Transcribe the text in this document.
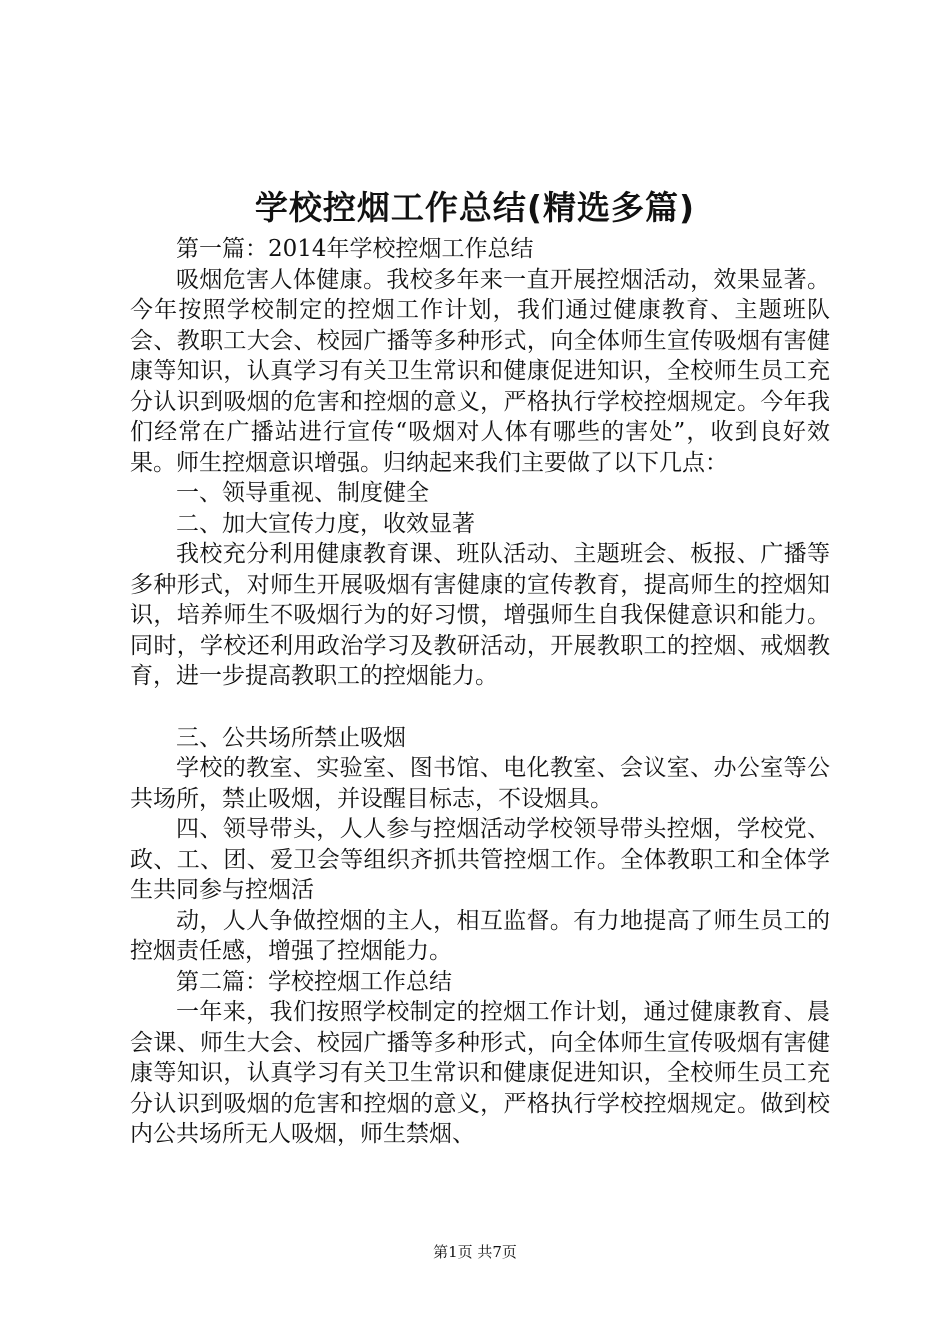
学校控烟工作总结(精选多篇)

第一篇：2014年学校控烟工作总结

吸烟危害人体健康。我校多年来一直开展控烟活动，效果显著。今年按照学校制定的控烟工作计划，我们通过健康教育、主题班队会、教职工大会、校园广播等多种形式，向全体师生宣传吸烟有害健康等知识，认真学习有关卫生常识和健康促进知识，全校师生员工充分认识到吸烟的危害和控烟的意义，严格执行学校控烟规定。今年我们经常在广播站进行宣传“吸烟对人体有哪些的害处”，收到良好效果。师生控烟意识增强。归纳起来我们主要做了以下几点：

一、领导重视、制度健全

二、加大宣传力度，收效显著

我校充分利用健康教育课、班队活动、主题班会、板报、广播等多种形式，对师生开展吸烟有害健康的宣传教育，提高师生的控烟知识，培养师生不吸烟行为的好习惯，增强师生自我保健意识和能力。同时，学校还利用政治学习及教研活动，开展教职工的控烟、戒烟教育，进一步提高教职工的控烟能力。

三、公共场所禁止吸烟

学校的教室、实验室、图书馆、电化教室、会议室、办公室等公共场所，禁止吸烟，并设醒目标志，不设烟具。

四、领导带头，人人参与控烟活动学校领导带头控烟，学校党、政、工、团、爱卫会等组织齐抓共管控烟工作。全体教职工和全体学生共同参与控烟活

动，人人争做控烟的主人，相互监督。有力地提高了师生员工的控烟责任感，增强了控烟能力。

第二篇：学校控烟工作总结

一年来，我们按照学校制定的控烟工作计划，通过健康教育、晨会课、师生大会、校园广播等多种形式，向全体师生宣传吸烟有害健康等知识，认真学习有关卫生常识和健康促进知识，全校师生员工充分认识到吸烟的危害和控烟的意义，严格执行学校控烟规定。做到校内公共场所无人吸烟，师生禁烟、

第1页 共7页
